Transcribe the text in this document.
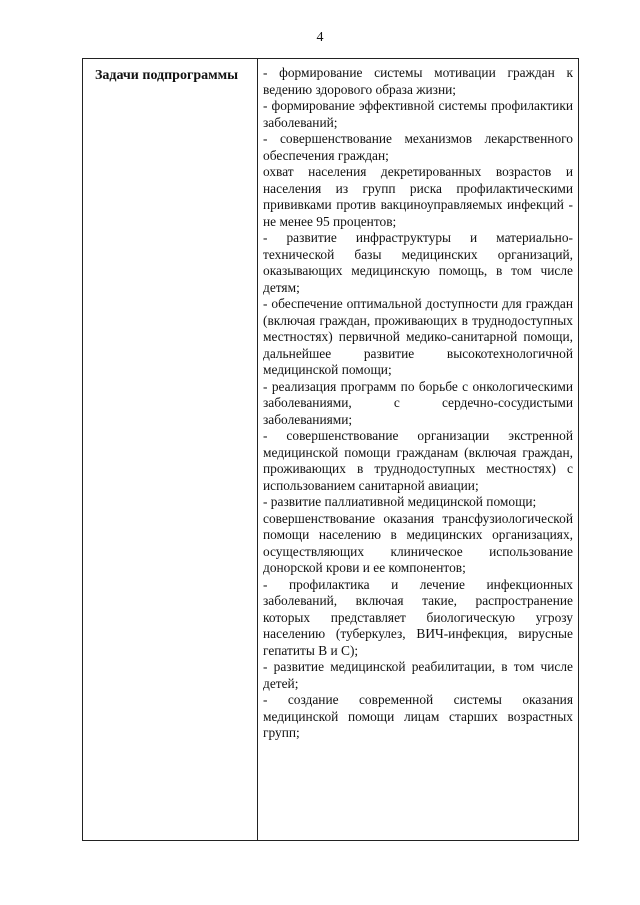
4
Задачи подпрограммы	- формирование системы мотивации граждан к ведению здорового образа жизни;
- формирование эффективной системы профилактики заболеваний;
- совершенствование механизмов лекарственного обеспечения граждан;
охват населения декретированных возрастов и населения из групп риска профилактическими прививками против вакциноуправляемых инфекций - не менее 95 процентов;
- развитие инфраструктуры и материально-технической базы медицинских организаций, оказывающих медицинскую помощь, в том числе детям;
- обеспечение оптимальной доступности для граждан (включая граждан, проживающих в труднодоступных местностях) первичной медико-санитарной помощи, дальнейшее развитие высокотехнологичной медицинской помощи;
- реализация программ по борьбе с онкологическими заболеваниями, с сердечно-сосудистыми заболеваниями;
- совершенствование организации экстренной медицинской помощи гражданам (включая граждан, проживающих в труднодоступных местностях) с использованием санитарной авиации;
- развитие паллиативной медицинской помощи;
совершенствование оказания трансфузиологической помощи населению в медицинских организациях, осуществляющих клиническое использование донорской крови и ее компонентов;
- профилактика и лечение инфекционных заболеваний, включая такие, распространение которых представляет биологическую угрозу населению (туберкулез, ВИЧ-инфекция, вирусные гепатиты В и С);
- развитие медицинской реабилитации, в том числе детей;
- создание современной системы оказания медицинской помощи лицам старших возрастных групп;
